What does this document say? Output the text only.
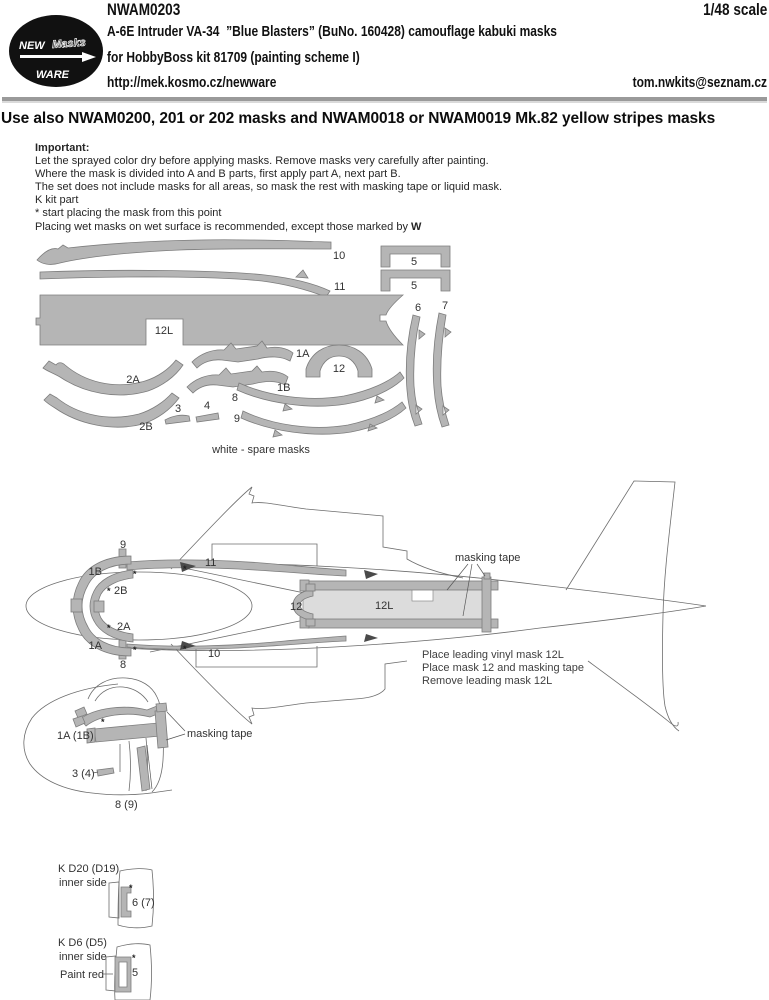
NEW Masks
WARE
NWAM0203	1/48 scale
A-6E Intruder VA-34  ”Blue Blasters” (BuNo. 160428) camouflage kabuki masks
for HobbyBoss kit 81709 (painting scheme I)
http://mek.kosmo.cz/newware	tom.nwkits@seznam.cz
Use also NWAM0200, 201 or 202 masks and NWAM0018 or NWAM0019 Mk.82 yellow stripes masks
Important:
Let the sprayed color dry before applying masks. Remove masks very carefully after painting.
Where the mask is divided into A and B parts, first apply part A, next part B.
The set does not include masks for all areas, so mask the rest with masking tape or liquid mask.
K kit part
* start placing the mask from this point
Placing wet masks on wet surface is recommended, except those marked by W
10
11
5
5
12L
6 7
1A
12
2A
1B
8
2B
9
3 4
white - spare masks
9
1B
2B
2A
1A
8
11
10
12	12L
masking tape
*
*
*
*
*
*	Place leading vinyl mask 12L
Place mask 12 and masking tape
Remove leading mask 12L
1A (1B)	masking tape
3 (4)
8 (9)
*
K D20 (D19)
inner side *
6 (7)
K D6 (D5)
inner side
Paint red
*
5
